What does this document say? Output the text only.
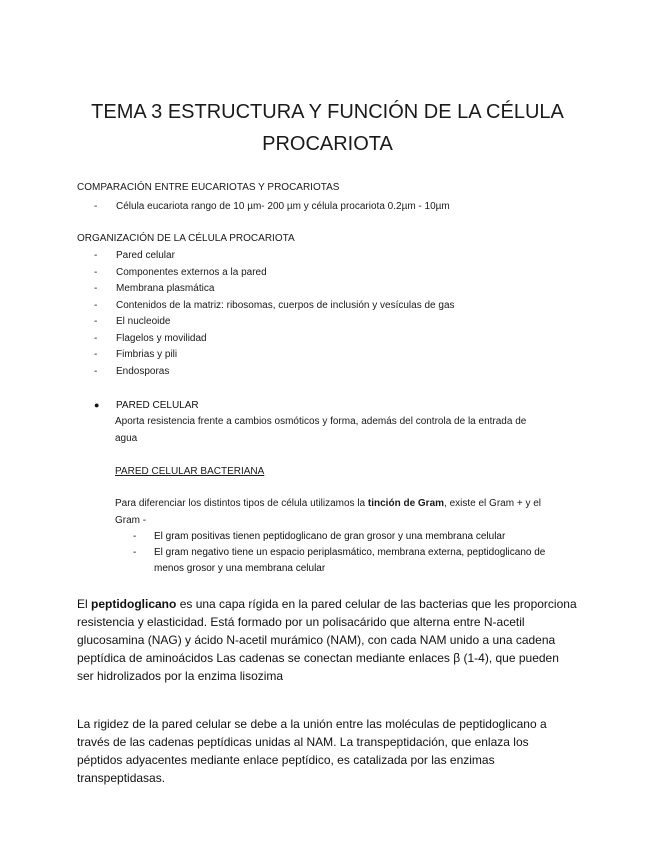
TEMA 3 ESTRUCTURA Y FUNCIÓN DE LA CÉLULA
PROCARIOTA
COMPARACIÓN ENTRE EUCARIOTAS Y PROCARIOTAS
- Célula eucariota rango de 10 µm- 200 µm y célula procariota 0.2µm - 10µm
ORGANIZACIÓN DE LA CÉLULA PROCARIOTA
- Pared celular
- Componentes externos a la pared
- Membrana plasmática
- Contenidos de la matriz: ribosomas, cuerpos de inclusión y vesículas de gas
- El nucleoide
- Flagelos y movilidad
- Fimbrias y pili
- Endosporas
● PARED CELULAR
Aporta resistencia frente a cambios osmóticos y forma, además del controla de la entrada de
agua
PARED CELULAR BACTERIANA
Para diferenciar los distintos tipos de célula utilizamos la tinción de Gram, existe el Gram + y el
Gram -
- El gram positivas tienen peptidoglicano de gran grosor y una membrana celular
- El gram negativo tiene un espacio periplasmático, membrana externa, peptidoglicano de menos grosor y una membrana celular
El peptidoglicano es una capa rígida en la pared celular de las bacterias que les proporciona resistencia y elasticidad. Está formado por un polisacárido que alterna entre N-acetil glucosamina (NAG) y ácido N-acetil murámico (NAM), con cada NAM unido a una cadena peptídica de aminoácidos Las cadenas se conectan mediante enlaces β (1-4), que pueden ser hidrolizados por la enzima lisozima
La rigidez de la pared celular se debe a la unión entre las moléculas de peptidoglicano a través de las cadenas peptídicas unidas al NAM. La transpeptidación, que enlaza los péptidos adyacentes mediante enlace peptídico, es catalizada por las enzimas transpeptidasas.
